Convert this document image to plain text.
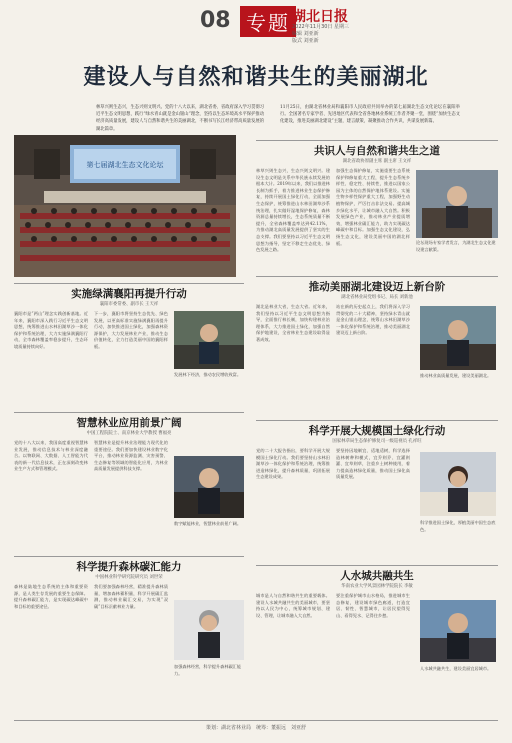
08 专题 湖北日报
2022年11月30日 星期三
编辑 刘亚新
版式 刘亚新
建设人与自然和谐共生的美丽湖北
林草兴则生态兴，生态兴则文明兴。党的十八大以来，湖北省委、省政府深入学习贯彻习近平生态文明思想，践行“绿水青山就是金山银山”理念，坚持以生态环境高水平保护推动经济高质量发展，建设人与自然和谐共生的美丽湖北，不断书写长江经济带高质量发展的湖北篇章。
11月25日，由湖北省林业局和襄阳市人民政府共同举办的第七届湖北生态文化论坛在襄阳举行。全国著名专家学者、先进地区代表和全省各地林业系统工作者齐聚一堂，围绕“加快生态文化建设，推进美丽湖北建设”主题，建言献策，凝聚推动合作共识，共谋发展新篇。
第七届湖北生态文化论坛
共识人与自然和谐共生之道
湖北省政协原副主席 副主席 王文祥
林草兴则生态兴，生态兴则文明兴。建设生态文明是关系中华民族永续发展的根本大计。2019年以来，我们以推进林长制为抓手，着力推进林业生态保护修复，持续开展国土绿化行动，全面加强生态保护，统筹推进山水林田湖草沙系统治理，扎实做好湿地保护修复，森林资源总量持续增长，生态系统质量不断提升，全省森林覆盖率达到42.11%，为推动湖北高质量发展提供了坚实的生态支撑。我们要坚持以习近平生态文明思想为指导，坚定不移走生态优先、绿色发展之路。
加强生态保护修复，实施重要生态系统保护和修复重大工程，提升生态系统多样性、稳定性、持续性，推进以国家公园为主体的自然保护地体系建设。实施生物多样性保护重大工程，加强野生动植物保护，严厉打击非法交易。提高城乡绿化水平，让城市融入大自然。积极发展绿色产业，推动林业产业提质增效，增强林业碳汇能力，助力实现碳达峰碳中和目标。加强生态文化建设，弘扬生态文化，建设美丽中国的湖北样板。	论坛现场专家学者发言，为湖北生态文化建设建言献策。
实施绿满襄阳再提升行动
襄阳市委常委、副市长 王天祥
襄阳市是“两山”理念实践创新基地。近年来，襄阳市深入践行习近平生态文明思想，统筹推进山水林田湖草沙一体化保护和系统治理，大力实施绿满襄阳行动，全市森林覆盖率稳步提升，生态环境质量持续向好。
下一步，襄阳市将坚持生态优先、绿色发展，以更高标准实施绿满襄阳再提升行动，加快推进国土绿化，加强森林资源保护，大力发展林业产业，推动生态价值转化，全力打造美丽中国的襄阳样板。
发展林下经济，推动农民增收致富。
推动美丽湖北建设迈上新台阶
湖北省林业局党组书记、局长 刘新池
湖北是林业大省，生态大省。近年来，我们坚持以习近平生态文明思想为指导，全面推行林长制，加快构建林业治理体系，大力推进国土绿化，加强自然保护地建设，全省林业生态建设取得显著成效。
站在新的历史起点上，我们将深入学习贯彻党的二十大精神，坚持绿水青山就是金山银山理念，统筹山水林田湖草沙一体化保护和系统治理，推动美丽湖北建设迈上新台阶。
推动林业高质量发展，建设美丽湖北。
智慧林业应用前景广阔
中国工程院院士、南京林业大学教授 曹福亮
党的十八大以来，我国高度重视智慧林业发展，推动信息技术与林业深度融合。以物联网、大数据、人工智能为代表的新一代信息技术，正在深刻改变林业生产方式和管理模式。
智慧林业是提升林业治理能力现代化的重要途径。我们要加快建设林业数字化平台，推动林业资源监测、灾害预警、生态修复等领域的智能化应用，为林业高质量发展提供科技支撑。
数字赋能林业，智慧林业前景广阔。
科学开展大规模国土绿化行动
国家林草局生态保护修复司一级巡视员 孔祥旺
党的二十大报告指出，要科学开展大规模国土绿化行动。我们要坚持山水林田湖草沙一体化保护和系统治理，统筹推进造林绿化，提升森林质量，巩固拓展生态建设成果。
要坚持因地制宜、适地适树，科学选择造林树种和模式，宜乔则乔、宜灌则灌、宜草则草，注重乡土树种使用，着力提高造林绿化质量，推动国土绿化高质量发展。
科学推进国土绿化，厚植美丽中国生态底色。
科学提升森林碳汇能力
中国林业科学研究院研究员 刘世荣
森林是陆地生态系统的主体和重要资源，是人类生存发展的重要生态保障。提升森林碳汇能力，是实现碳达峰碳中和目标的重要途径。
我们要加强森林经营，精准提升森林质量，增加森林蓄积量，科学开展碳汇监测，推动林业碳汇交易，为实现“双碳”目标贡献林业力量。
加强森林经营，科学提升森林碳汇能力。
人水城共融共生
华南农业大学风景园林学院院长 李敏
城市是人与自然和谐共生的重要载体。建设人水城共融共生的美丽城市，要坚持以人民为中心，统筹城市规划、建设、管理，让城市融入大自然。
要注重保护城市山水格局，推进城市生态修复，建设城市绿色廊道，打造宜居、韧性、智慧城市，让居民望得见山、看得见水、记得住乡愁。
人水城共融共生，建设美丽宜居城市。
策划：湖北省林业局　统筹：董振远　刘亚舒
